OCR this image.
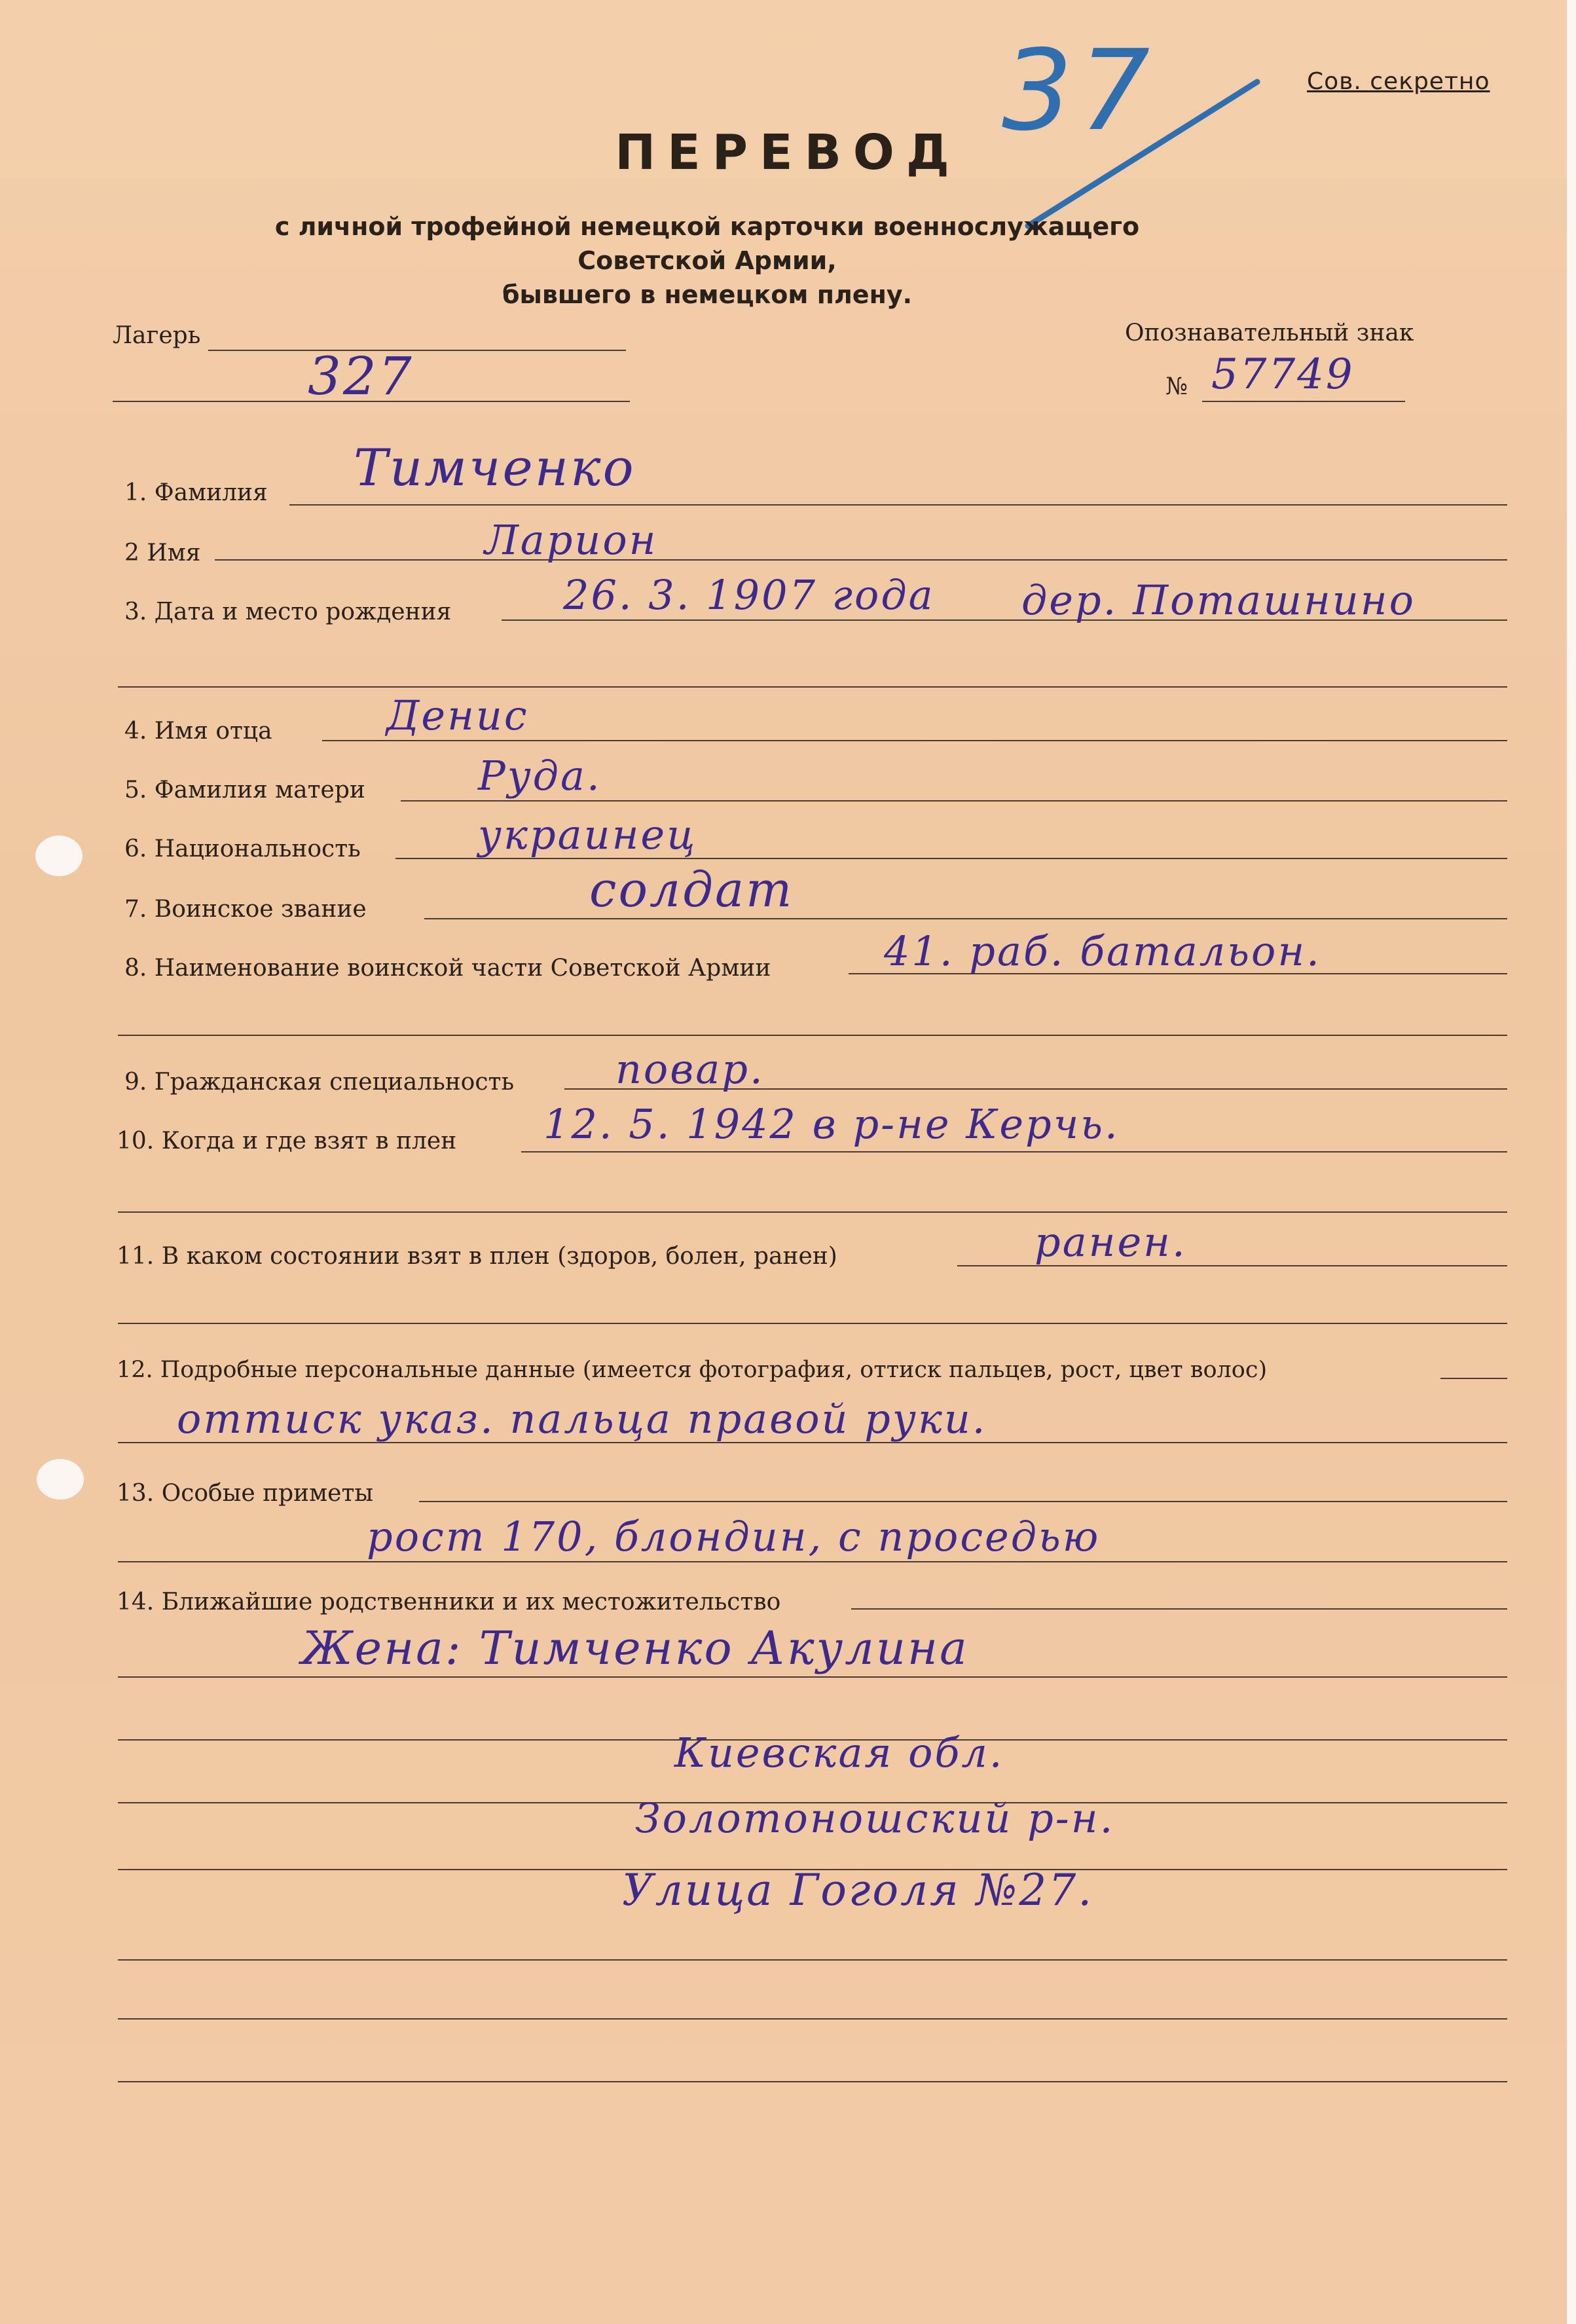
37	Сов. секретно
ПЕРЕВОД
с личной трофейной немецкой карточки военнослужащего Советской Армии,
бывшего в немецком плену.
Лагерь
327
Опознавательный знак
№ 57749
1. Фамилия Тимченко
2 Имя	Ларион
3. Дата и место рождения	26. 3. 1907 года дер. Поташнино
4. Имя отца	Денис
5. Фамилия матери	Руда.
6. Национальность	украинец
7. Воинское звание	солдат
8. Наименование воинской части Советской Армии	41. раб. батальон.
9. Гражданская специальность повар.
10. Когда и где взят в плен 12. 5. 1942 в р-не Керчь.
11. В каком состоянии взят в плен (здоров, болен, ранен)	ранен.
12. Подробные персональные данные (имеется фотография, оттиск пальцев, рост, цвет волос)
оттиск указ. пальца правой руки.
13. Особые приметы
рост 170, блондин, с проседью
14. Ближайшие родственники и их местожительство
Жена: Тимченко Акулина
Киевская обл.
Золотоношский р-н.
Улица Гоголя №27.
